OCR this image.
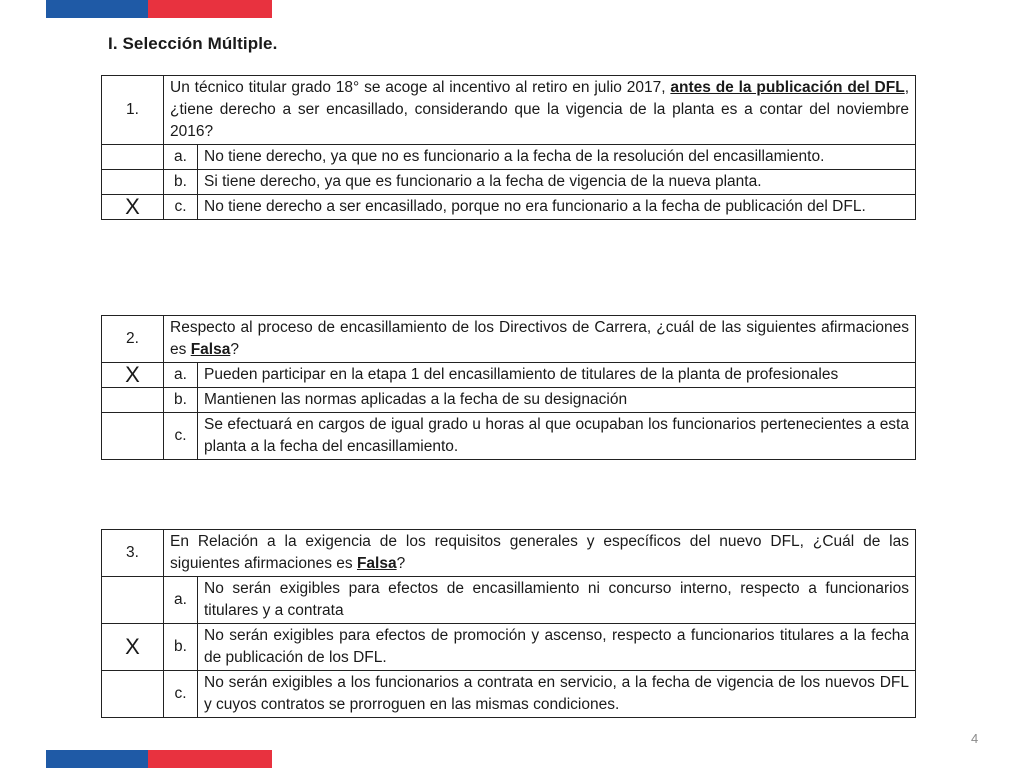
I. Selección Múltiple.
1.	Un técnico titular grado 18° se acoge al incentivo al retiro en julio 2017, antes de la publicación del DFL, ¿tiene derecho a ser encasillado, considerando que la vigencia de la planta es a contar del noviembre 2016?	
	a.	No tiene derecho, ya que no es funcionario a la fecha de la resolución del encasillamiento.
	b.	Si tiene derecho, ya que es funcionario a la fecha de vigencia de la nueva planta.
X	c.	No tiene derecho a ser encasillado, porque no era funcionario a la fecha de publicación del DFL.
2.	Respecto al proceso de encasillamiento de los Directivos de Carrera, ¿cuál de las siguientes afirmaciones es Falsa?	
X	a.	Pueden participar en la etapa 1 del encasillamiento de titulares de la planta de profesionales
	b.	Mantienen las normas aplicadas a la fecha de su designación
	c.	Se efectuará en cargos de igual grado u horas al que ocupaban los funcionarios pertenecientes a esta planta a la fecha del encasillamiento.
3.	En Relación a la exigencia de los requisitos generales y específicos del nuevo DFL, ¿Cuál de las siguientes afirmaciones es Falsa?	
	a.	No serán exigibles para efectos de encasillamiento ni concurso interno, respecto a funcionarios titulares y a contrata
X	b.	No serán exigibles para efectos de promoción y ascenso, respecto a funcionarios titulares a la fecha de publicación de los DFL.
	c.	No serán exigibles a los funcionarios a contrata en servicio, a la fecha de vigencia de los nuevos DFL y cuyos contratos se prorroguen en las mismas condiciones.
4
